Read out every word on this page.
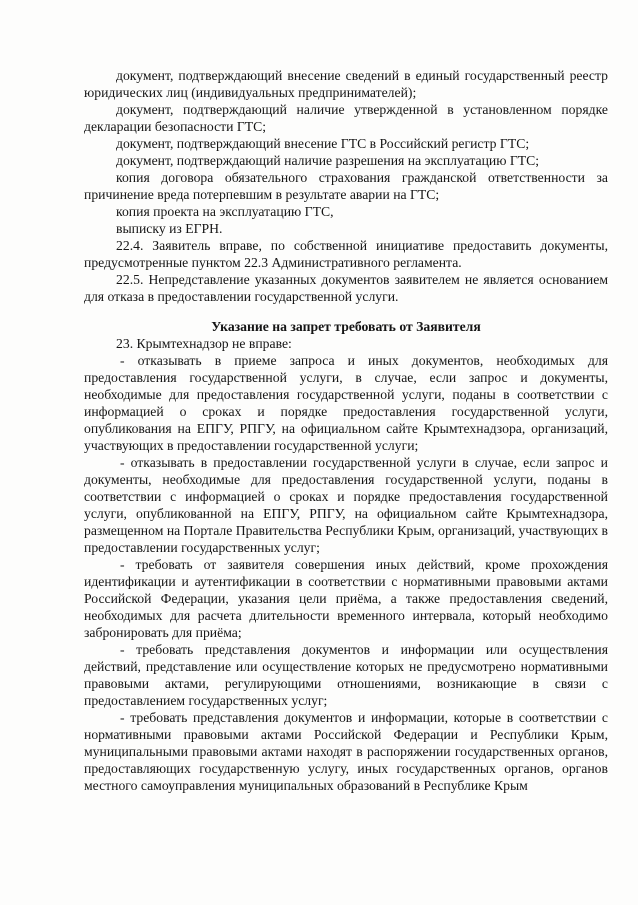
документ, подтверждающий внесение сведений в единый государственный реестр юридических лиц (индивидуальных предпринимателей);

документ, подтверждающий наличие утвержденной в установленном порядке декларации безопасности ГТС;

документ, подтверждающий внесение ГТС в Российский регистр ГТС;

документ, подтверждающий наличие разрешения на эксплуатацию ГТС;

копия договора обязательного страхования гражданской ответственности за причинение вреда потерпевшим в результате аварии на ГТС;

копия проекта на эксплуатацию ГТС,

выписку из ЕГРН.

22.4. Заявитель вправе, по собственной инициативе предоставить документы, предусмотренные пунктом 22.3 Административного регламента.

22.5. Непредставление указанных документов заявителем не является основанием для отказа в предоставлении государственной услуги.

Указание на запрет требовать от Заявителя

23. Крымтехнадзор не вправе:

- отказывать в приеме запроса и иных документов, необходимых для предоставления государственной услуги, в случае, если запрос и документы, необходимые для предоставления государственной услуги, поданы в соответствии с информацией о сроках и порядке предоставления государственной услуги, опубликования на ЕПГУ, РПГУ, на официальном сайте Крымтехнадзора, организаций, участвующих в предоставлении государственной услуги;

- отказывать в предоставлении государственной услуги в случае, если запрос и документы, необходимые для предоставления государственной услуги, поданы в соответствии с информацией о сроках и порядке предоставления государственной услуги, опубликованной на ЕПГУ, РПГУ, на официальном сайте Крымтехнадзора, размещенном на Портале Правительства Республики Крым, организаций, участвующих в предоставлении государственных услуг;

- требовать от заявителя совершения иных действий, кроме прохождения идентификации и аутентификации в соответствии с нормативными правовыми актами Российской Федерации, указания цели приёма, а также предоставления сведений, необходимых для расчета длительности временного интервала, который необходимо забронировать для приёма;

- требовать представления документов и информации или осуществления действий, представление или осуществление которых не предусмотрено нормативными правовыми актами, регулирующими отношениями, возникающие в связи с предоставлением государственных услуг;

- требовать представления документов и информации, которые в соответствии с нормативными правовыми актами Российской Федерации и Республики Крым, муниципальными правовыми актами находят в распоряжении государственных органов, предоставляющих государственную услугу, иных государственных органов, органов местного самоуправления муниципальных образований в Республике Крым
